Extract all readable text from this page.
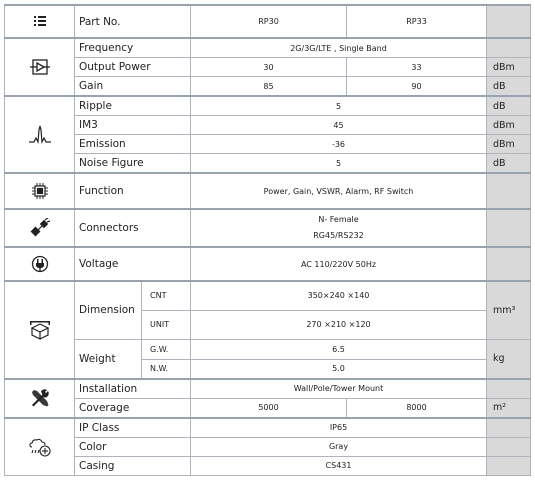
	Part No.		RP30	RP33	

	Frequency		2G/3G/LTE , Single Band		
	Output Power		30	33	dBm
	Gain		85	90	dB

	Ripple		5		dB
	IM3		45		dBm
	Emission		-36		dBm
	Noise Figure		5		dB

	Function		Power, Gain, VSWR, Alarm, RF Switch		

	Connectors		N- Female
RG45/RS232		

	Voltage		AC 110/220V 50Hz		

	Dimension	CNT	350×240 ×140		mm³
		UNIT	270 ×210 ×120		
	Weight	G.W.	6.5		kg
		N.W.	5.0		

	Installation		Wall/Pole/Tower Mount		
	Coverage		5000	8000	m²

	IP Class		IP65		
	Color		Gray		
	Casing		CS431		
